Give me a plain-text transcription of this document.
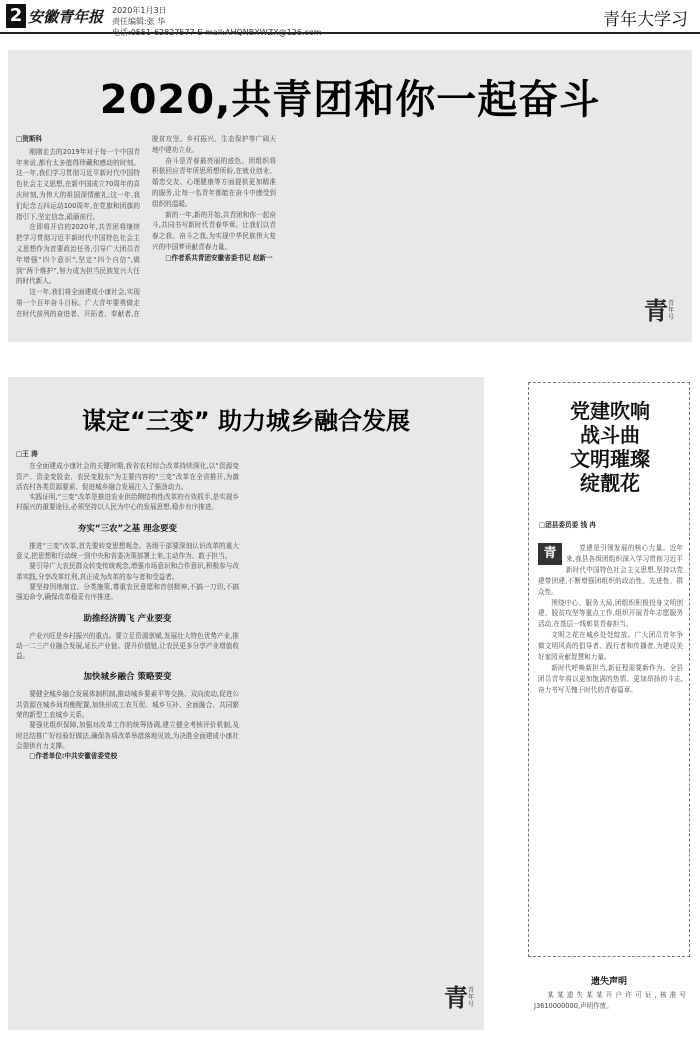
2 安徽青年报 2020年1月3日
责任编辑:张 华
电话:0551-62827577 E-mail:AHQNBXWZX@126.com
青年大学习
2020,共青团和你一起奋斗
□贺斯科

刚刚走去的2019年对于每一个中国青年来说,都有太多值得珍藏和感动的时刻。这一年,我们学习贯彻习近平新时代中国特色社会主义思想,在新中国成立70周年的喜庆时刻,为伟大的祖国深情献礼;这一年,我们纪念五四运动100周年,在党旗和团旗的指引下,坚定信念,砥砺前行。

在即将开启的2020年,共青团将继续把学习贯彻习近平新时代中国特色社会主义思想作为首要政治任务,引导广大团员青年增强“四个意识”,坚定“四个自信”,做到“两个维护”,努力成为担当民族复兴大任的时代新人。

这一年,我们将全面建成小康社会,实现第一个百年奋斗目标。广大青年要勇做走在时代前列的奋进者、开拓者、奉献者,在脱贫攻坚、乡村振兴、生态保护等广阔天地中建功立业。

奋斗是青春最亮丽的底色。团组织将积极回应青年所思所想所盼,在就业创业、婚恋交友、心理健康等方面提供更加精准的服务,让每一名青年都能在奋斗中感受到组织的温暖。

新的一年,新的开始,共青团和你一起奋斗,共同书写新时代青春华章。让我们以青春之我、奋斗之我,为实现中华民族伟大复兴的中国梦贡献青春力量。

□作者系共青团安徽省委书记 赵新一

青 青年号
谋定“三变” 助力城乡融合发展
□王 涛

在全面建成小康社会的关键时期,我省农村综合改革持续深化,以“资源变资产、资金变股金、农民变股东”为主要内容的“三变”改革在全省推开,为激活农村各类资源要素、促进城乡融合发展注入了强劲动力。

实践证明,“三变”改革是推进农业供给侧结构性改革的有效抓手,是实现乡村振兴的重要途径,必须坚持以人民为中心的发展思想,稳步有序推进。

夯实“三农”之基 理念要变

推进“三变”改革,首先要转变思想观念。各级干部要深刻认识改革的重大意义,把思想和行动统一到中央和省委决策部署上来,主动作为、敢于担当。

要引导广大农民群众转变传统观念,增强市场意识和合作意识,积极参与改革实践,分享改革红利,真正成为改革的参与者和受益者。

要坚持因地制宜、分类施策,尊重农民意愿和首创精神,不搞一刀切,不搞强迫命令,确保改革稳妥有序推进。

助推经济腾飞 产业要变

产业兴旺是乡村振兴的重点。要立足资源禀赋,发展壮大特色优势产业,推动一二三产业融合发展,延长产业链、提升价值链,让农民更多分享产业增值收益。

加快城乡融合 策略要变

要健全城乡融合发展体制机制,推动城乡要素平等交换、双向流动,促进公共资源在城乡间均衡配置,加快形成工农互促、城乡互补、全面融合、共同繁荣的新型工农城乡关系。

要强化组织保障,加强对改革工作的统筹协调,建立健全考核评价机制,及时总结推广好经验好做法,确保各项改革举措落地见效,为决胜全面建成小康社会提供有力支撑。

□作者单位:中共安徽省委党校

青 青年号
党建吹响
战斗曲
文明璀璨
绽靓花
□团县委员委 钱 冉

党建是引领发展的核心力量。近年来,我县各级团组织深入学习贯彻习近平新时代中国特色社会主义思想,坚持以党建带团建,不断增强团组织的政治性、先进性、群众性。

围绕中心、服务大局,团组织积极投身文明创建、脱贫攻坚等重点工作,组织开展青年志愿服务活动,在基层一线彰显青春担当。

文明之花在城乡处处绽放。广大团员青年争做文明风尚的倡导者、践行者和传播者,为建设美好家园贡献智慧和力量。

新时代呼唤新担当,新征程需要新作为。全县团员青年将以更加饱满的热情、更加昂扬的斗志,奋力书写无愧于时代的青春篇章。

青
遗失声明
某某遗失某某开户许可证,核准号J3610000000,声明作废。
